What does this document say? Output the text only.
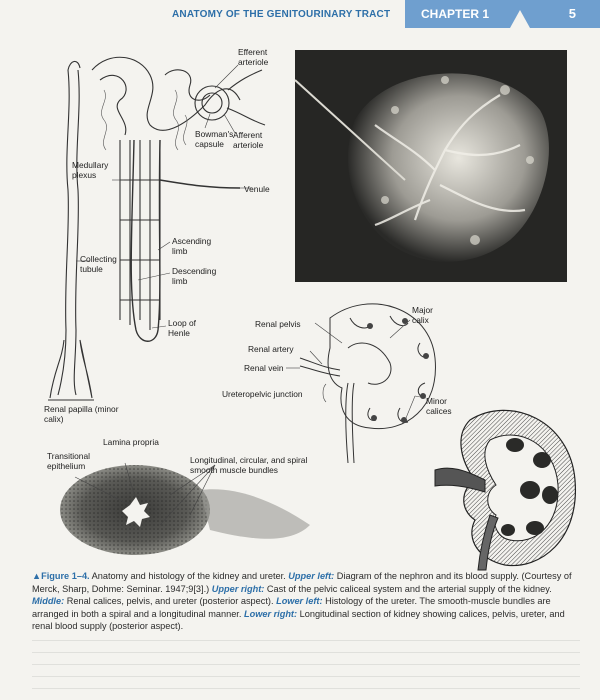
ANATOMY OF THE GENITOURINARY TRACT	CHAPTER 1	5
Efferent arteriole
Bowman's capsule
Afferent arteriole
Medullary plexus
Venule
Ascending limb
Descending limb
Collecting tubule
Loop of Henle
Renal papilla (minor calix)
Renal pelvis
Major calix
Renal artery
Renal vein
Ureteropelvic junction
Minor calices
Lamina propria
Transitional epithelium
Longitudinal, circular, and spiral smooth muscle bundles
▲Figure 1–4. Anatomy and histology of the kidney and ureter. Upper left: Diagram of the nephron and its blood supply. (Courtesy of Merck, Sharp, Dohme: Seminar. 1947;9[3].) Upper right: Cast of the pelvic caliceal system and the arterial supply of the kidney. Middle: Renal calices, pelvis, and ureter (posterior aspect). Lower left: Histology of the ureter. The smooth-muscle bundles are arranged in both a spiral and a longitudinal manner. Lower right: Longitudinal section of kidney showing calices, pelvis, ureter, and renal blood supply (posterior aspect).
